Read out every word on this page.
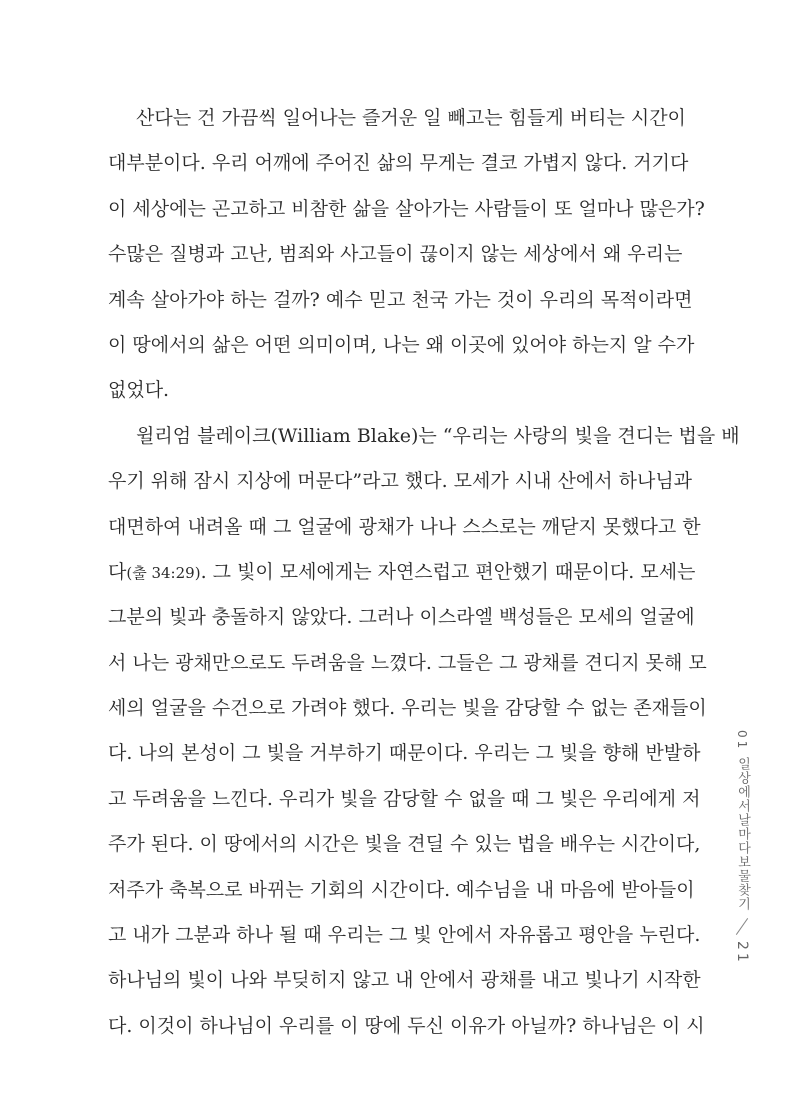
산다는 건 가끔씩 일어나는 즐거운 일 빼고는 힘들게 버티는 시간이
대부분이다. 우리 어깨에 주어진 삶의 무게는 결코 가볍지 않다. 거기다
이 세상에는 곤고하고 비참한 삶을 살아가는 사람들이 또 얼마나 많은가?
수많은 질병과 고난, 범죄와 사고들이 끊이지 않는 세상에서 왜 우리는
계속 살아가야 하는 걸까? 예수 믿고 천국 가는 것이 우리의 목적이라면
이 땅에서의 삶은 어떤 의미이며, 나는 왜 이곳에 있어야 하는지 알 수가
없었다.
윌리엄 블레이크(William Blake)는 “우리는 사랑의 빛을 견디는 법을 배
우기 위해 잠시 지상에 머문다”라고 했다. 모세가 시내 산에서 하나님과
대면하여 내려올 때 그 얼굴에 광채가 나나 스스로는 깨닫지 못했다고 한
다(출 34:29). 그 빛이 모세에게는 자연스럽고 편안했기 때문이다. 모세는
그분의 빛과 충돌하지 않았다. 그러나 이스라엘 백성들은 모세의 얼굴에
서 나는 광채만으로도 두려움을 느꼈다. 그들은 그 광채를 견디지 못해 모
세의 얼굴을 수건으로 가려야 했다. 우리는 빛을 감당할 수 없는 존재들이
다. 나의 본성이 그 빛을 거부하기 때문이다. 우리는 그 빛을 향해 반발하
고 두려움을 느낀다. 우리가 빛을 감당할 수 없을 때 그 빛은 우리에게 저
주가 된다. 이 땅에서의 시간은 빛을 견딜 수 있는 법을 배우는 시간이다,
저주가 축복으로 바뀌는 기회의 시간이다. 예수님을 내 마음에 받아들이
고 내가 그분과 하나 될 때 우리는 그 빛 안에서 자유롭고 평안을 누린다.
하나님의 빛이 나와 부딪히지 않고 내 안에서 광채를 내고 빛나기 시작한
다. 이것이 하나님이 우리를 이 땅에 두신 이유가 아닐까? 하나님은 이 시
01
일상에서날마다보물찾기
21
